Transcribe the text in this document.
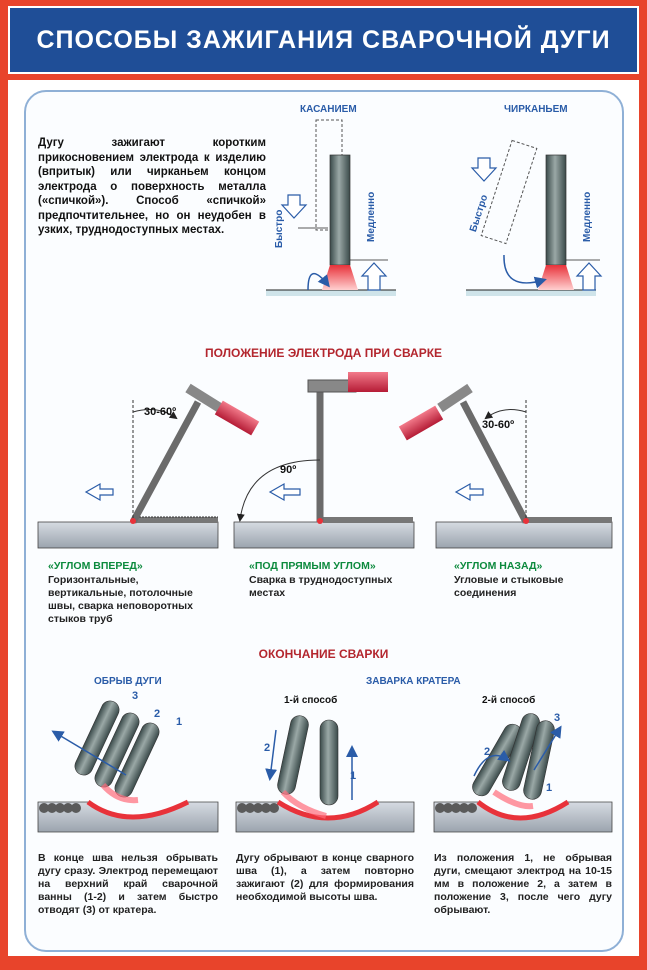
СПОСОБЫ ЗАЖИГАНИЯ СВАРОЧНОЙ ДУГИ
Дугу зажигают коротким прикосновением электрода к изделию (впритык) или чирканьем концом электрода о поверхность металла («спичкой»). Способ «спичкой» предпочтительнее, но он неудобен в узких, труднодоступных местах.
КАСАНИЕМ	ЧИРКАНЬЕМ
Быстро	Медленно	Быстро	Медленно
ПОЛОЖЕНИЕ ЭЛЕКТРОДА ПРИ СВАРКЕ
30-60º
90º
30-60º
«УГЛОМ ВПЕРЕД»
Горизонтальные, вертикальные, потолочные швы, сварка неповоротных стыков труб
«ПОД ПРЯМЫМ УГЛОМ»
Сварка в труднодоступных местах
«УГЛОМ НАЗАД»
Угловые и стыковые соединения
ОКОНЧАНИЕ СВАРКИ
ОБРЫВ ДУГИ	ЗАВАРКА КРАТЕРА
1-й способ	2-й способ
3
2
1
2
1
2
1
3
В конце шва нельзя обрывать дугу сразу. Электрод перемещают на верхний край сварочной ванны (1-2) и затем быстро отводят (3) от кратера.
Дугу обрывают в конце сварного шва (1), а затем повторно зажигают (2) для формирования необходимой высоты шва.
Из положения 1, не обрывая дуги, смещают электрод на 10-15 мм в положение 2, а затем в положение 3, после чего дугу обрывают.
